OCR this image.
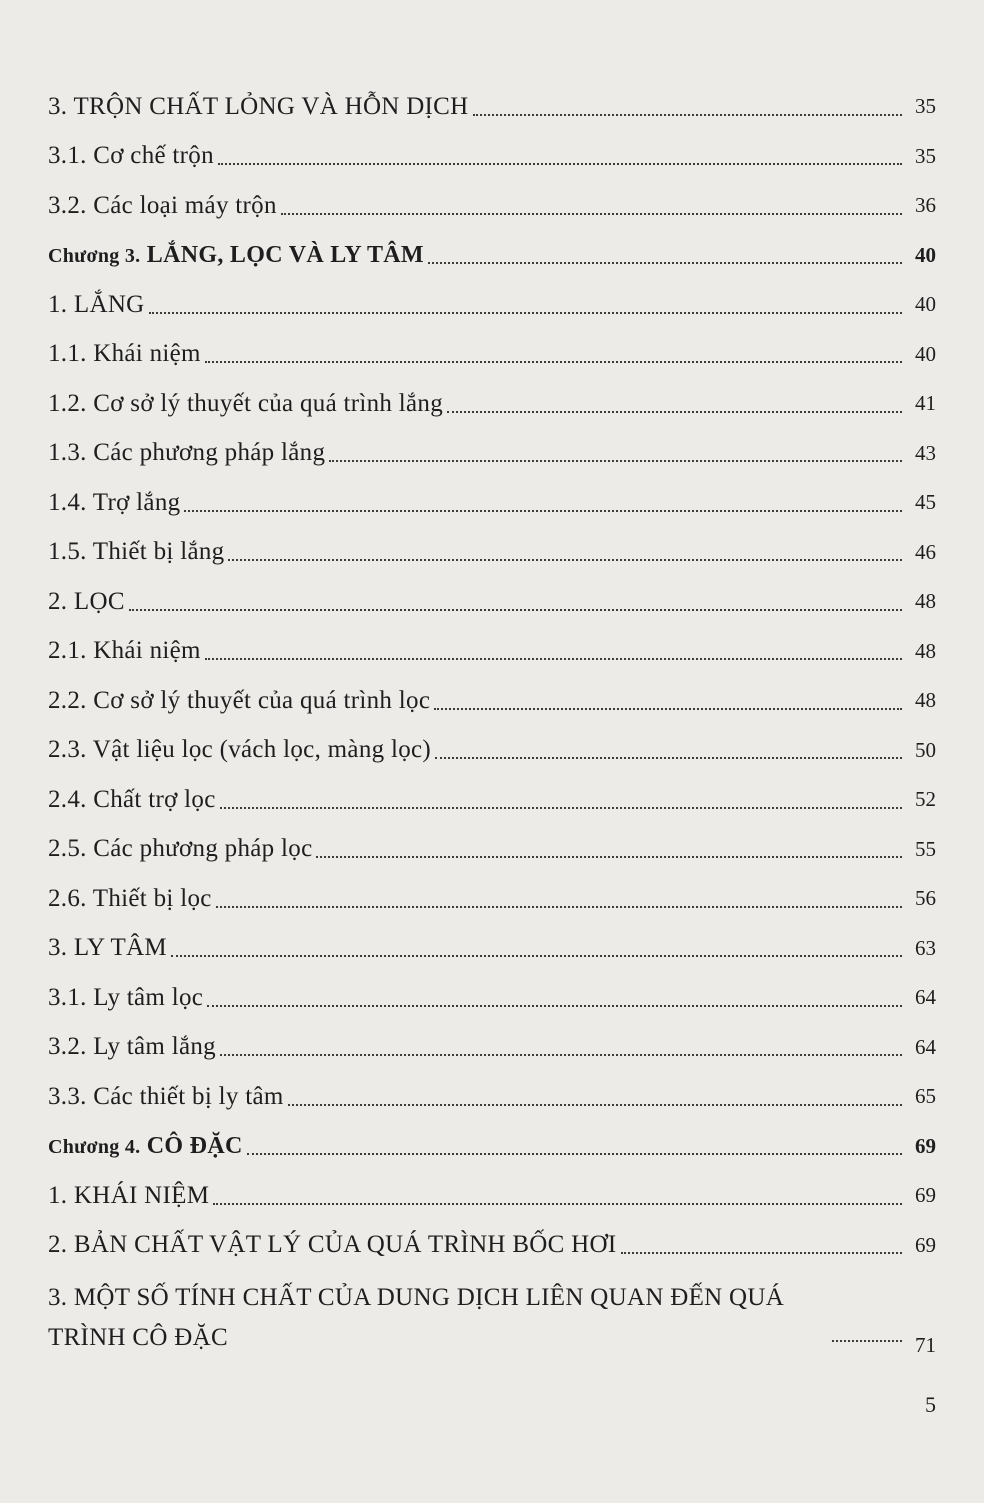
3. TRỘN CHẤT LỎNG VÀ HỖN DỊCH	35
3.1. Cơ chế trộn	35
3.2. Các loại máy trộn	36
Chương 3. LẮNG, LỌC VÀ LY TÂM	40
1. LẮNG	40
1.1. Khái niệm	40
1.2. Cơ sở lý thuyết của quá trình lắng	41
1.3. Các phương pháp lắng	43
1.4. Trợ lắng	45
1.5. Thiết bị lắng	46
2. LỌC	48
2.1. Khái niệm	48
2.2. Cơ sở lý thuyết của quá trình lọc	48
2.3. Vật liệu lọc (vách lọc, màng lọc)	50
2.4. Chất trợ lọc	52
2.5. Các phương pháp lọc	55
2.6. Thiết bị lọc	56
3. LY TÂM	63
3.1. Ly tâm lọc	64
3.2. Ly tâm lắng	64
3.3. Các thiết bị ly tâm	65
Chương 4. CÔ ĐẶC	69
1. KHÁI NIỆM	69
2. BẢN CHẤT VẬT LÝ CỦA QUÁ TRÌNH BỐC HƠI	69
3. MỘT SỐ TÍNH CHẤT CỦA DUNG DỊCH LIÊN QUAN ĐẾN QUÁ TRÌNH CÔ ĐẶC	71
5
